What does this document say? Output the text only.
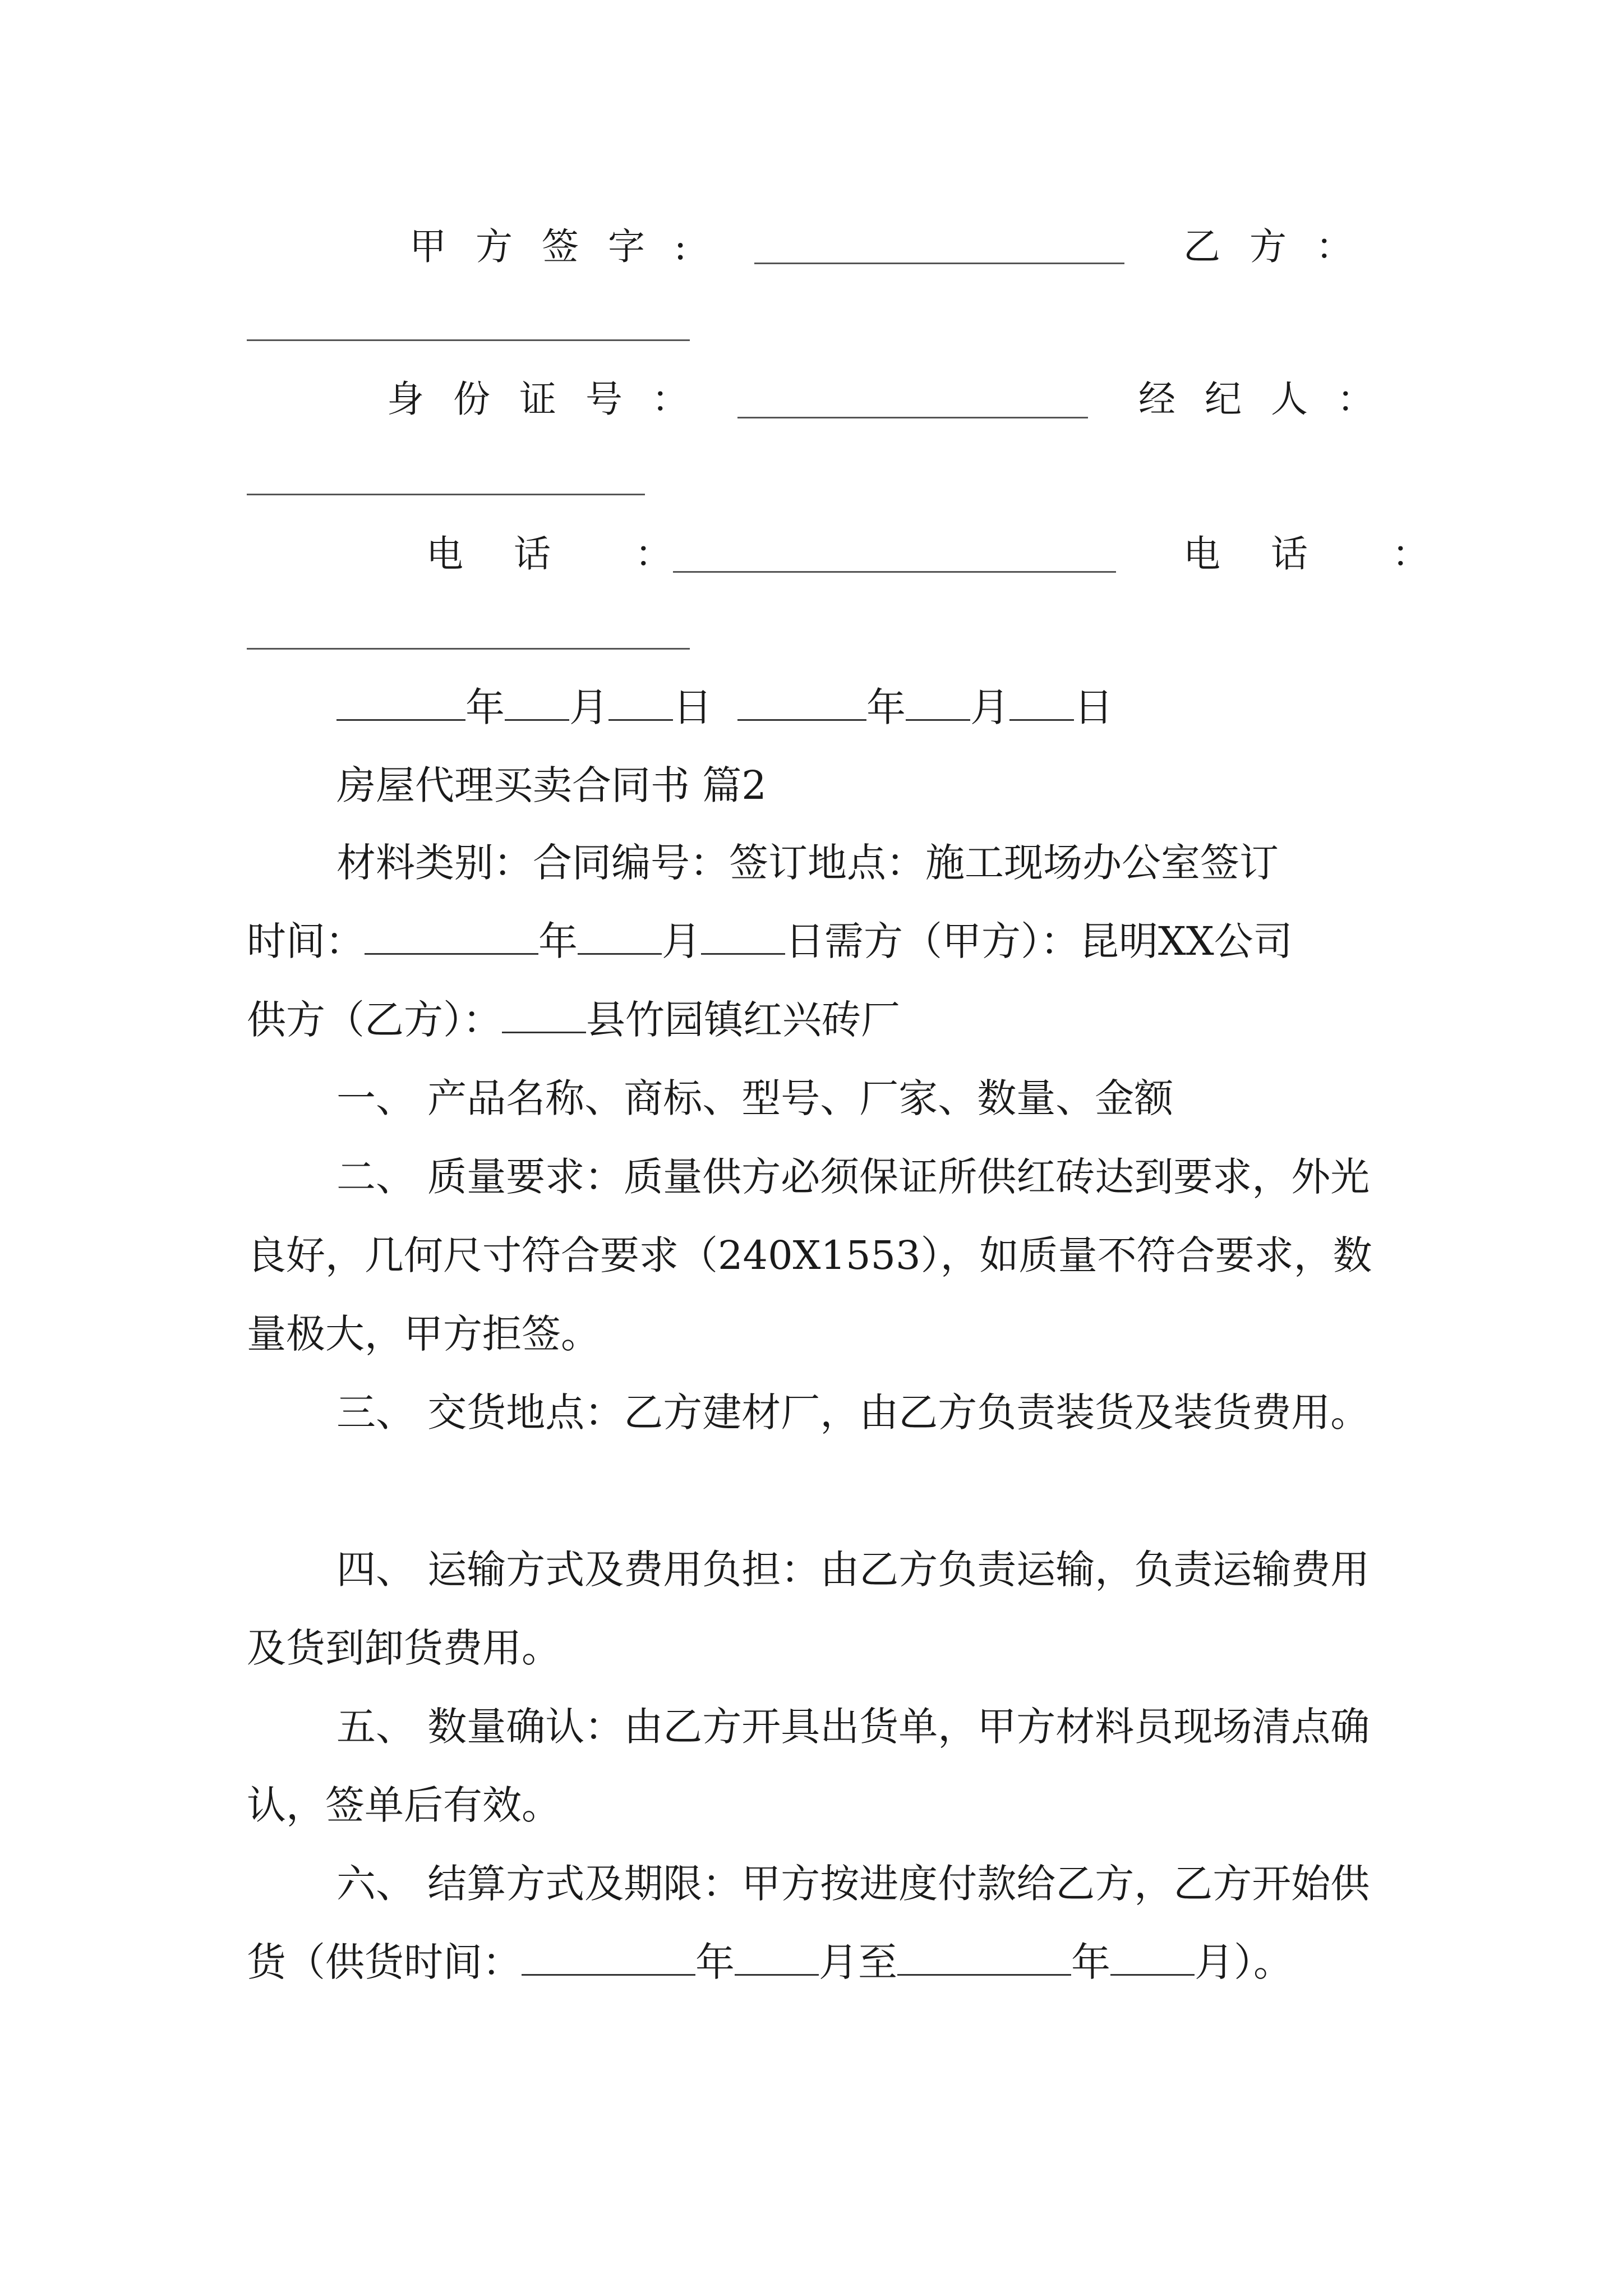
甲方签字:	乙方：
身份证号：	经纪人：
电话 ：	电话 ：
年 月 日	年 月 日
房屋代理买卖合同书 篇2
材料类别：合同编号：签订地点：施工现场办公室签订
时间：	年 月 日需方（甲方）：昆明XX公司
供方（乙方）： 县竹园镇红兴砖厂
一、 产品名称、商标、型号、厂家、数量、金额
二、 质量要求：质量供方必须保证所供红砖达到要求，外光良好，几何尺寸符合要求（240X1553），如质量不符合要求，数量极大，甲方拒签。
三、 交货地点：乙方建材厂，由乙方负责装货及装货费用。
四、 运输方式及费用负担：由乙方负责运输，负责运输费用及货到卸货费用。
五、 数量确认：由乙方开具出货单，甲方材料员现场清点确认，签单后有效。
六、 结算方式及期限：甲方按进度付款给乙方，乙方开始供货（供货时间：	年 月至	年 月）。
